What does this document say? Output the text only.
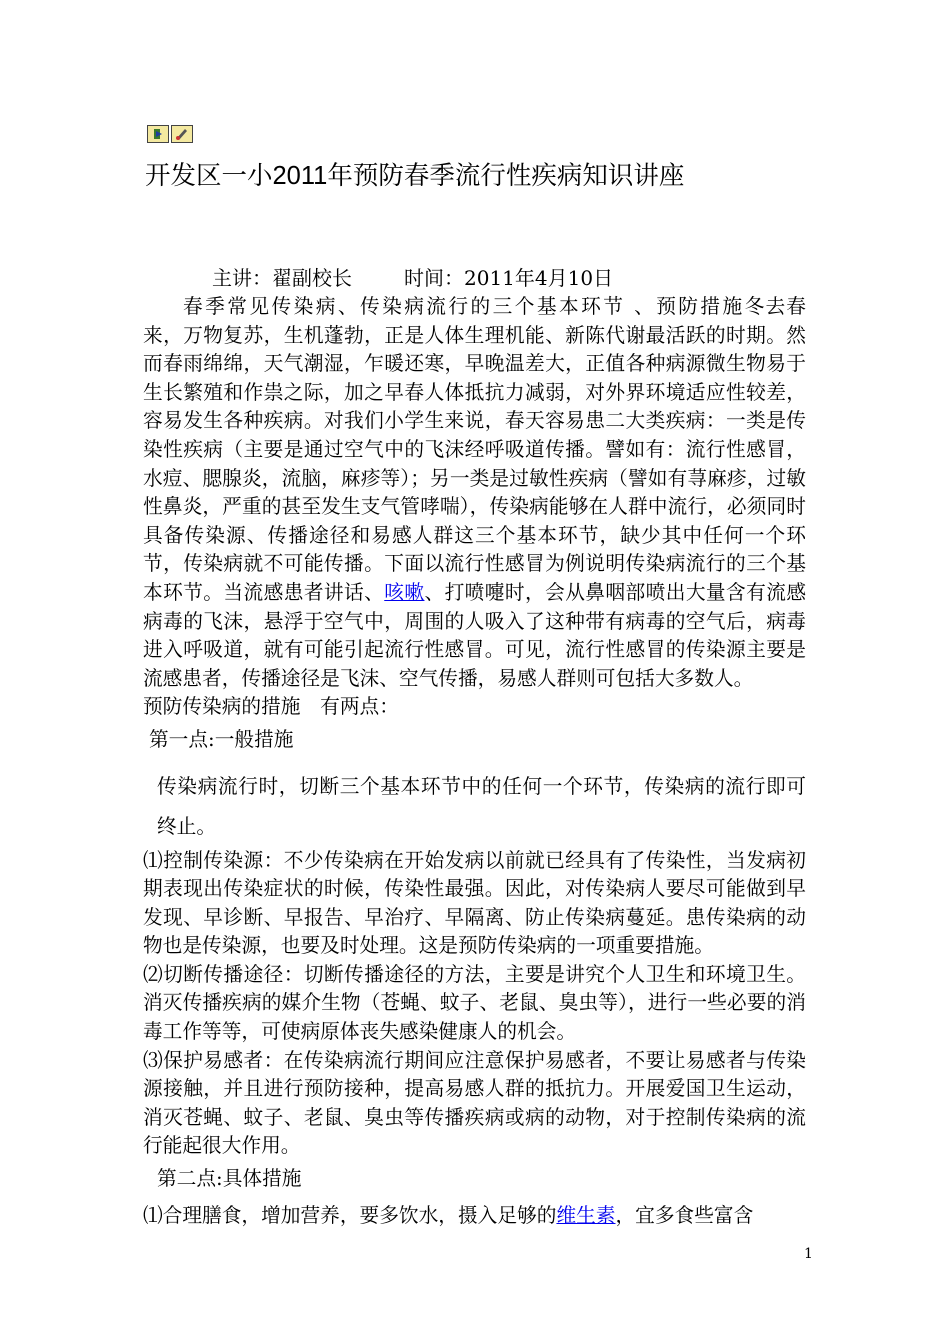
开发区一小2011年预防春季流行性疾病知识讲座
主讲：翟副校长	时间：2011年4月10日

春季常见传染病、传染病流行的三个基本环节 、预防措施冬去春来，万物复苏，生机蓬勃，正是人体生理机能、新陈代谢最活跃的时期。然而春雨绵绵，天气潮湿，乍暖还寒，早晚温差大，正值各种病源微生物易于生长繁殖和作祟之际，加之早春人体抵抗力减弱，对外界环境适应性较差，容易发生各种疾病。对我们小学生来说，春天容易患二大类疾病：一类是传染性疾病（主要是通过空气中的飞沫经呼吸道传播。譬如有：流行性感冒，水痘、腮腺炎，流脑，麻疹等）；另一类是过敏性疾病（譬如有荨麻疹，过敏性鼻炎，严重的甚至发生支气管哮喘），传染病能够在人群中流行，必须同时具备传染源、传播途径和易感人群这三个基本环节，缺少其中任何一个环节，传染病就不可能传播。下面以流行性感冒为例说明传染病流行的三个基本环节。当流感患者讲话、咳嗽、打喷嚏时，会从鼻咽部喷出大量含有流感病毒的飞沫，悬浮于空气中，周围的人吸入了这种带有病毒的空气后，病毒进入呼吸道，就有可能引起流行性感冒。可见，流行性感冒的传染源主要是流感患者，传播途径是飞沫、空气传播，易感人群则可包括大多数人。

预防传染病的措施　有两点：

第一点:一般措施

传染病流行时，切断三个基本环节中的任何一个环节，传染病的流行即可终止。

⑴控制传染源：不少传染病在开始发病以前就已经具有了传染性，当发病初期表现出传染症状的时候，传染性最强。因此，对传染病人要尽可能做到早发现、早诊断、早报告、早治疗、早隔离、防止传染病蔓延。患传染病的动物也是传染源，也要及时处理。这是预防传染病的一项重要措施。

⑵切断传播途径：切断传播途径的方法，主要是讲究个人卫生和环境卫生。消灭传播疾病的媒介生物（苍蝇、蚊子、老鼠、臭虫等），进行一些必要的消毒工作等等，可使病原体丧失感染健康人的机会。

⑶保护易感者：在传染病流行期间应注意保护易感者，不要让易感者与传染源接触，并且进行预防接种，提高易感人群的抵抗力。开展爱国卫生运动，消灭苍蝇、蚊子、老鼠、臭虫等传播疾病或病的动物，对于控制传染病的流行能起很大作用。

第二点:具体措施

⑴合理膳食，增加营养，要多饮水，摄入足够的维生素，宜多食些富含

1
